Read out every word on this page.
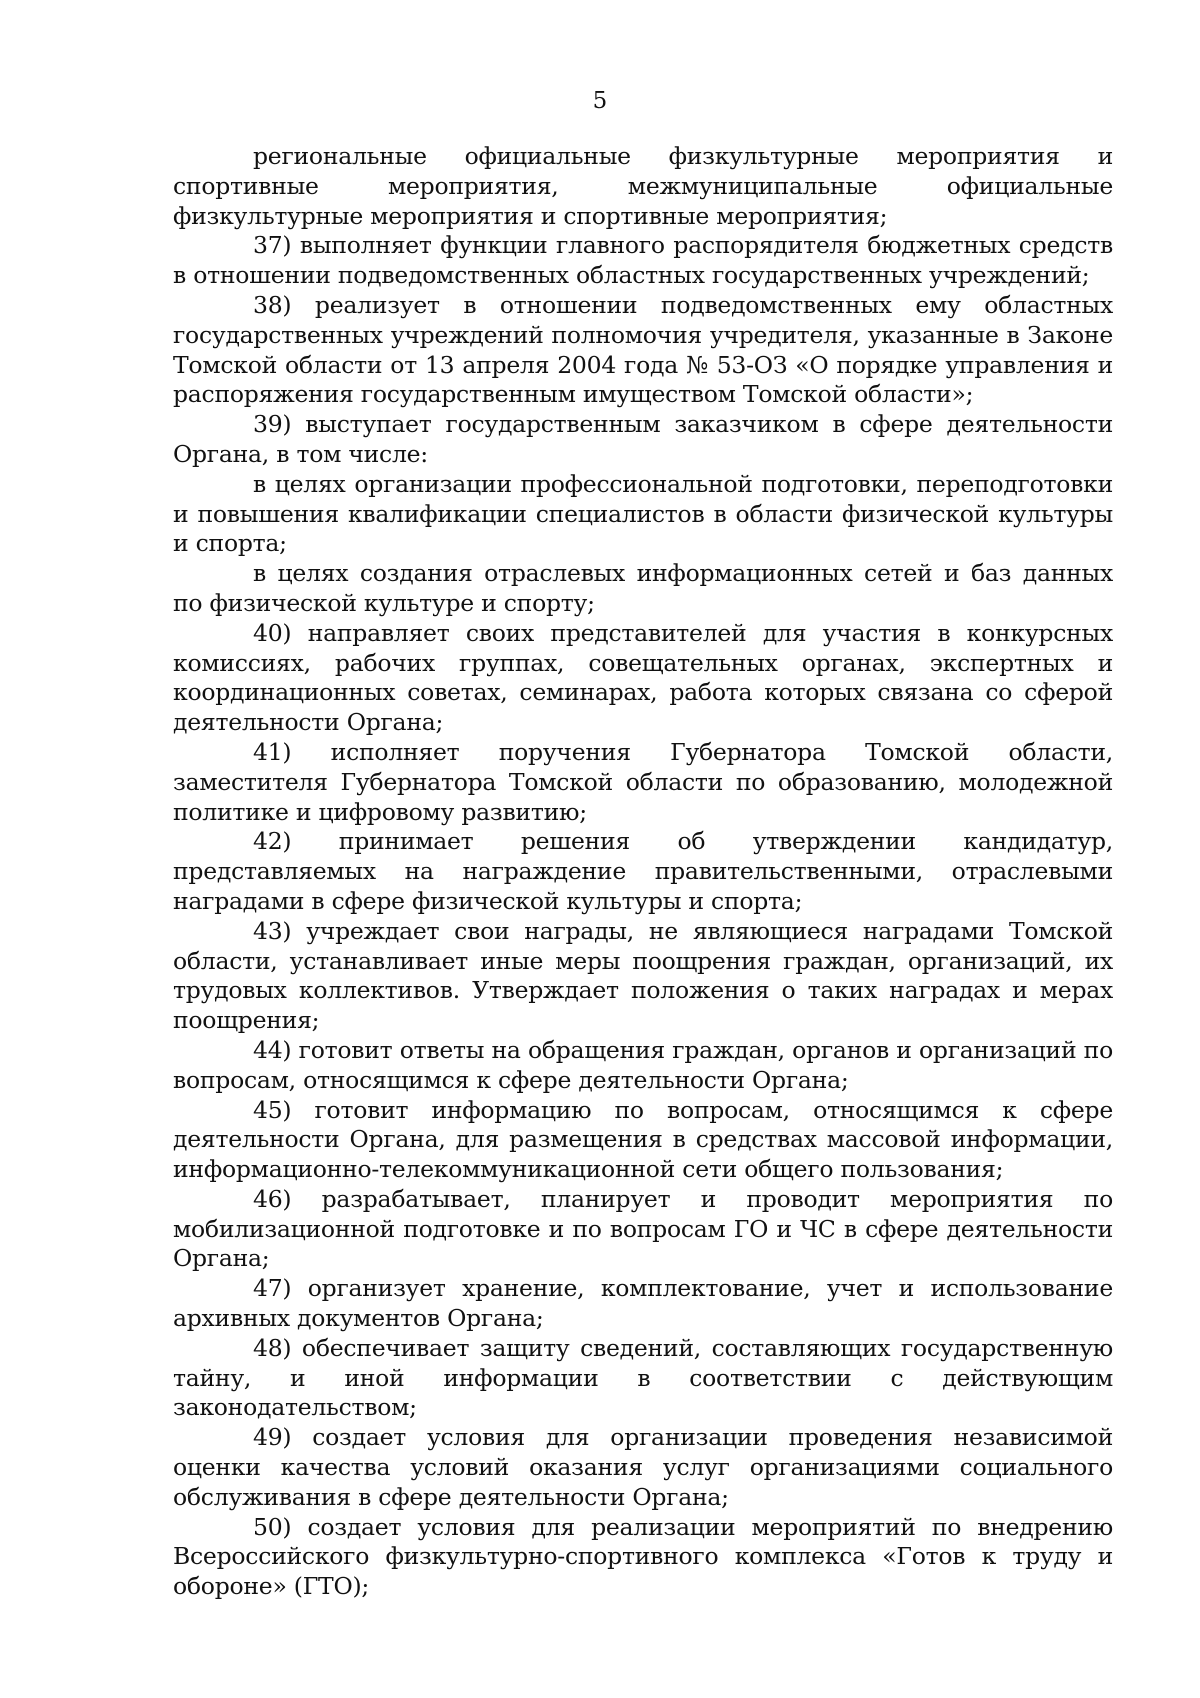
5

региональные официальные физкультурные мероприятия и спортивные мероприятия, межмуниципальные официальные физкультурные мероприятия и спортивные мероприятия;

37) выполняет функции главного распорядителя бюджетных средств в отношении подведомственных областных государственных учреждений;

38) реализует в отношении подведомственных ему областных государственных учреждений полномочия учредителя, указанные в Законе Томской области от 13 апреля 2004 года № 53-ОЗ «О порядке управления и распоряжения государственным имуществом Томской области»;

39) выступает государственным заказчиком в сфере деятельности Органа, в том числе:

в целях организации профессиональной подготовки, переподготовки и повышения квалификации специалистов в области физической культуры и спорта;

в целях создания отраслевых информационных сетей и баз данных по физической культуре и спорту;

40) направляет своих представителей для участия в конкурсных комиссиях, рабочих группах, совещательных органах, экспертных и координационных советах, семинарах, работа которых связана со сферой деятельности Органа;

41) исполняет поручения Губернатора Томской области, заместителя Губернатора Томской области по образованию, молодежной политике и цифровому развитию;

42) принимает решения об утверждении кандидатур, представляемых на награждение правительственными, отраслевыми наградами в сфере физической культуры и спорта;

43) учреждает свои награды, не являющиеся наградами Томской области, устанавливает иные меры поощрения граждан, организаций, их трудовых коллективов. Утверждает положения о таких наградах и мерах поощрения;

44) готовит ответы на обращения граждан, органов и организаций по вопросам, относящимся к сфере деятельности Органа;

45) готовит информацию по вопросам, относящимся к сфере деятельности Органа, для размещения в средствах массовой информации, информационно-телекоммуникационной сети общего пользования;

46) разрабатывает, планирует и проводит мероприятия по мобилизационной подготовке и по вопросам ГО и ЧС в сфере деятельности Органа;

47) организует хранение, комплектование, учет и использование архивных документов Органа;

48) обеспечивает защиту сведений, составляющих государственную тайну, и иной информации в соответствии с действующим законодательством;

49) создает условия для организации проведения независимой оценки качества условий оказания услуг организациями социального обслуживания в сфере деятельности Органа;

50) создает условия для реализации мероприятий по внедрению Всероссийского физкультурно-спортивного комплекса «Готов к труду и обороне» (ГТО);
